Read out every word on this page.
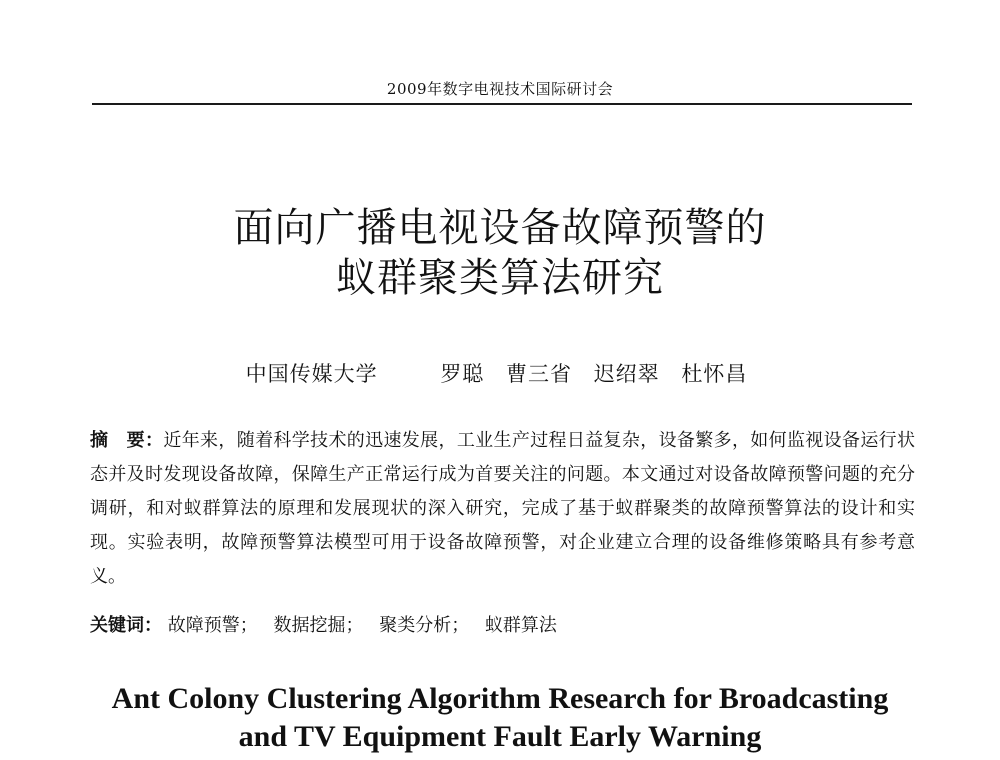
2009年数字电视技术国际研讨会
面向广播电视设备故障预警的
蚁群聚类算法研究
中国传媒大学	罗聪 曹三省 迟绍翠 杜怀昌
摘　要：近年来，随着科学技术的迅速发展，工业生产过程日益复杂，设备繁多，如何监视设备运行状态并及时发现设备故障，保障生产正常运行成为首要关注的问题。本文通过对设备故障预警问题的充分调研，和对蚁群算法的原理和发展现状的深入研究，完成了基于蚁群聚类的故障预警算法的设计和实现。实验表明，故障预警算法模型可用于设备故障预警，对企业建立合理的设备维修策略具有参考意义。
关键词： 故障预警； 数据挖掘； 聚类分析； 蚁群算法
Ant Colony Clustering Algorithm Research for Broadcasting
and TV Equipment Fault Early Warning
